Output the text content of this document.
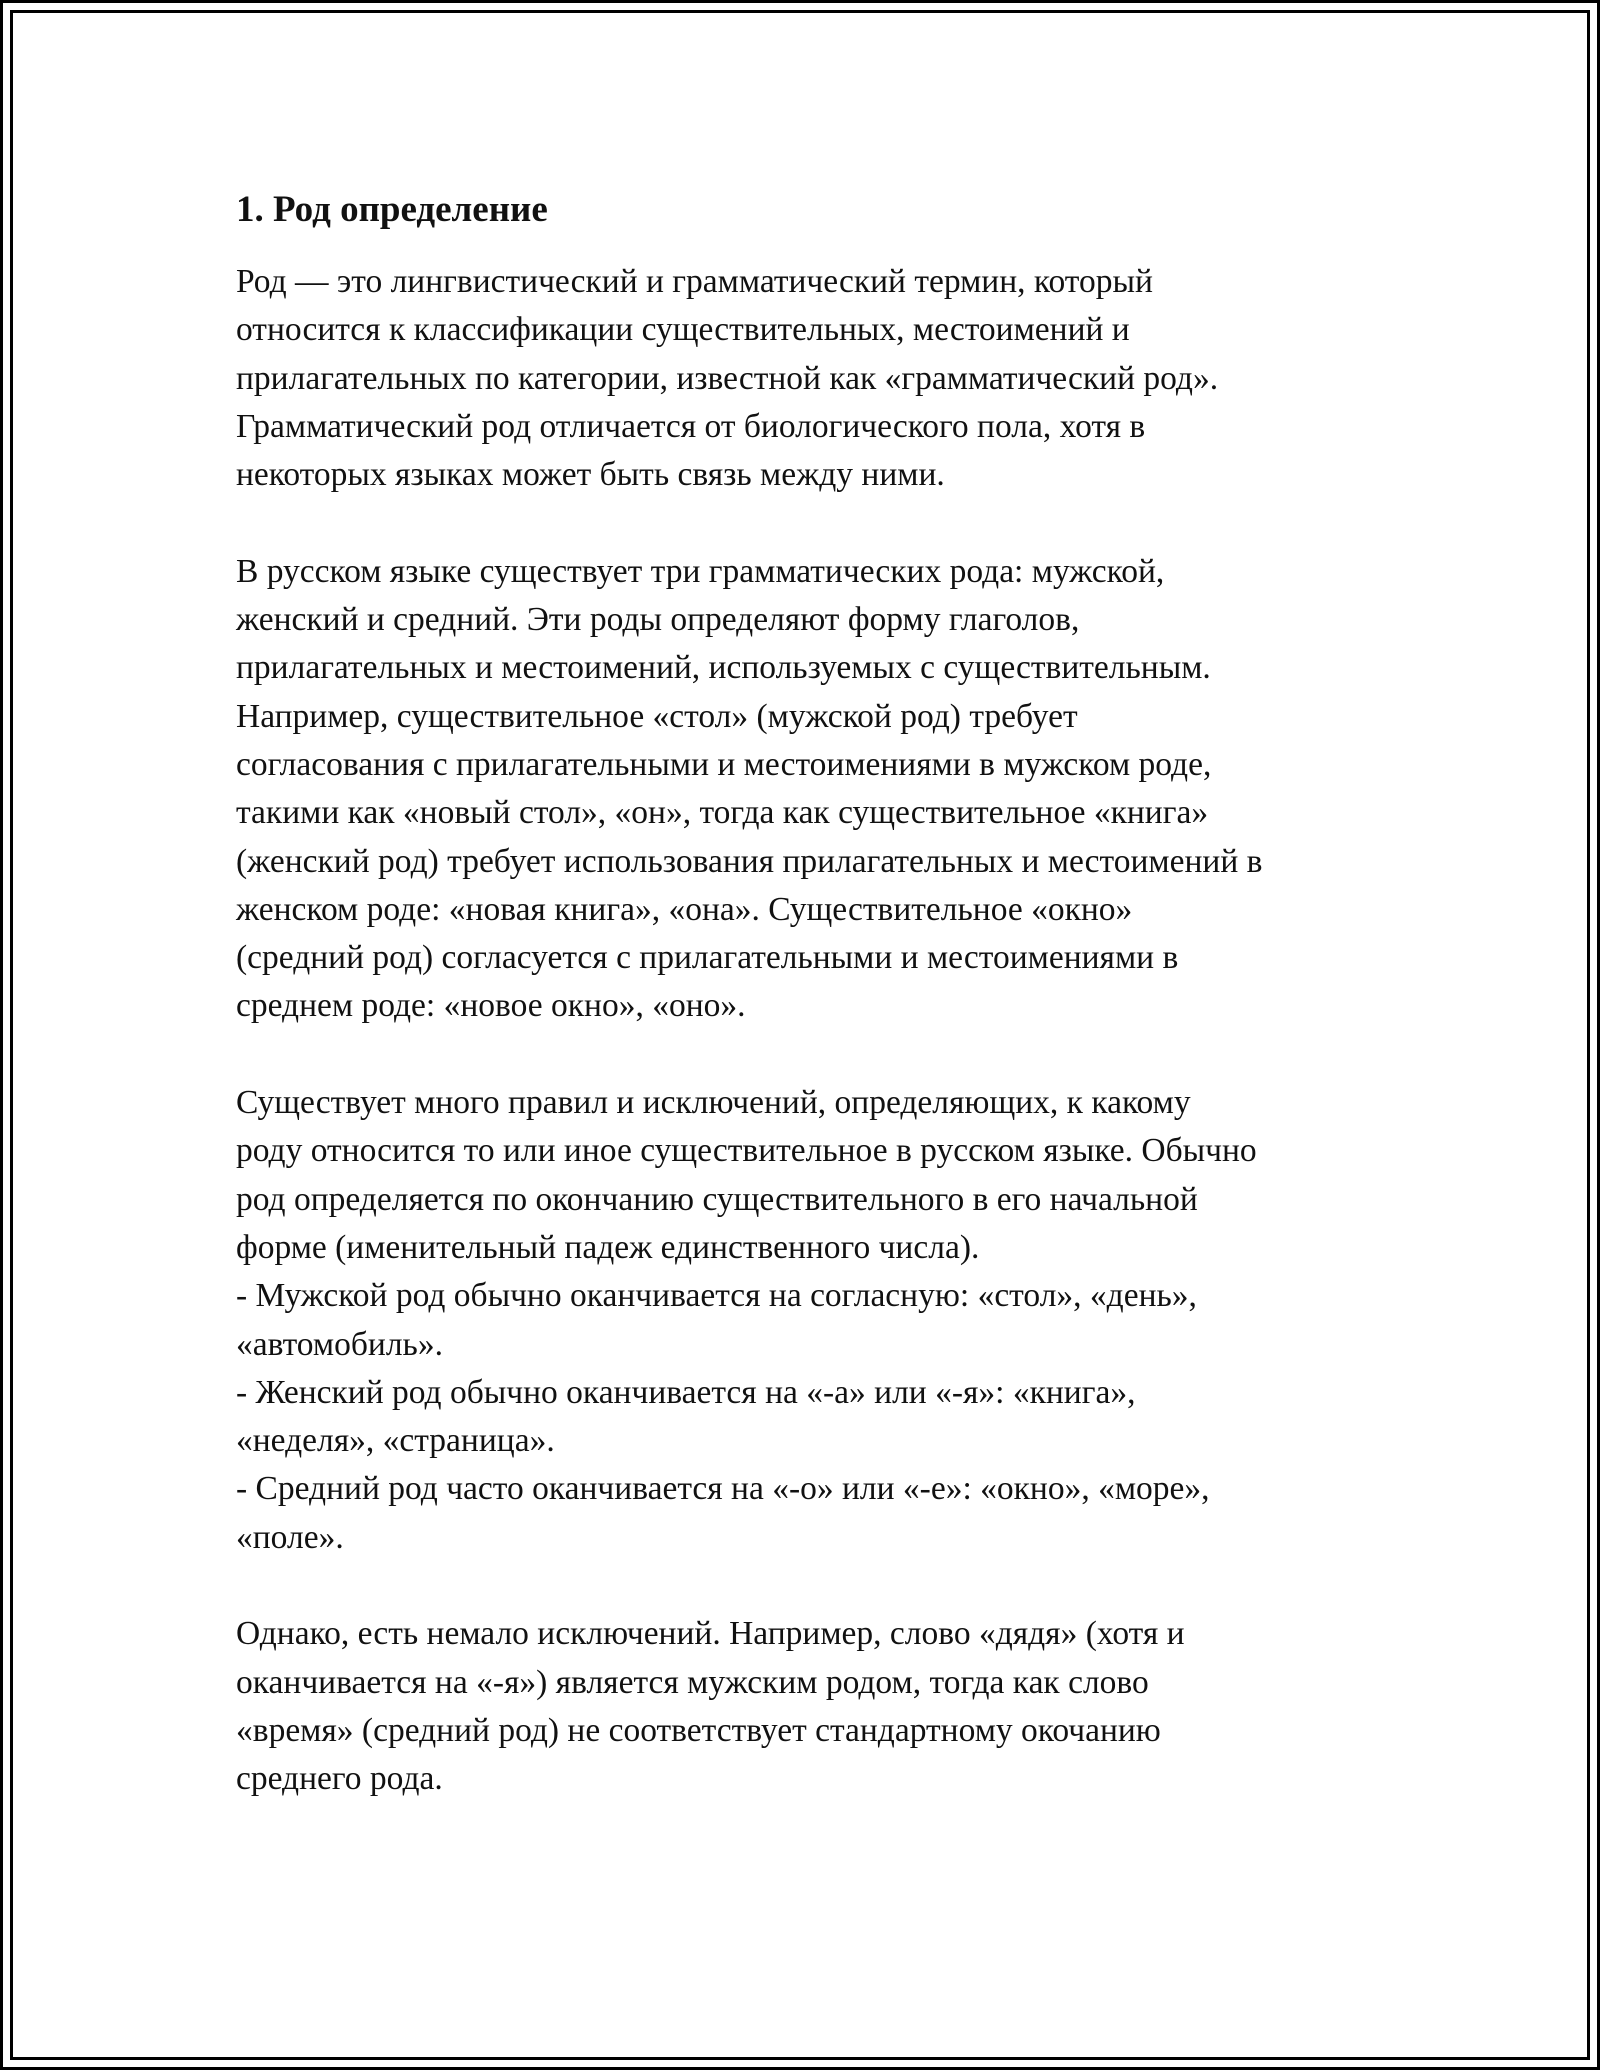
1. Род определение
Род — это лингвистический и грамматический термин, который
относится к классификации существительных, местоимений и
прилагательных по категории, известной как «грамматический род».
Грамматический род отличается от биологического пола, хотя в
некоторых языках может быть связь между ними.
В русском языке существует три грамматических рода: мужской,
женский и средний. Эти роды определяют форму глаголов,
прилагательных и местоимений, используемых с существительным.
Например, существительное «стол» (мужской род) требует
согласования с прилагательными и местоимениями в мужском роде,
такими как «новый стол», «он», тогда как существительное «книга»
(женский род) требует использования прилагательных и местоимений в
женском роде: «новая книга», «она». Существительное «окно»
(средний род) согласуется с прилагательными и местоимениями в
среднем роде: «новое окно», «оно».
Существует много правил и исключений, определяющих, к какому
роду относится то или иное существительное в русском языке. Обычно
род определяется по окончанию существительного в его начальной
форме (именительный падеж единственного числа).
- Мужской род обычно оканчивается на согласную: «стол», «день»,
«автомобиль».
- Женский род обычно оканчивается на «-а» или «-я»: «книга»,
«неделя», «страница».
- Средний род часто оканчивается на «-о» или «-е»: «окно», «море»,
«поле».
Однако, есть немало исключений. Например, слово «дядя» (хотя и
оканчивается на «-я») является мужским родом, тогда как слово
«время» (средний род) не соответствует стандартному окочанию
среднего рода.
